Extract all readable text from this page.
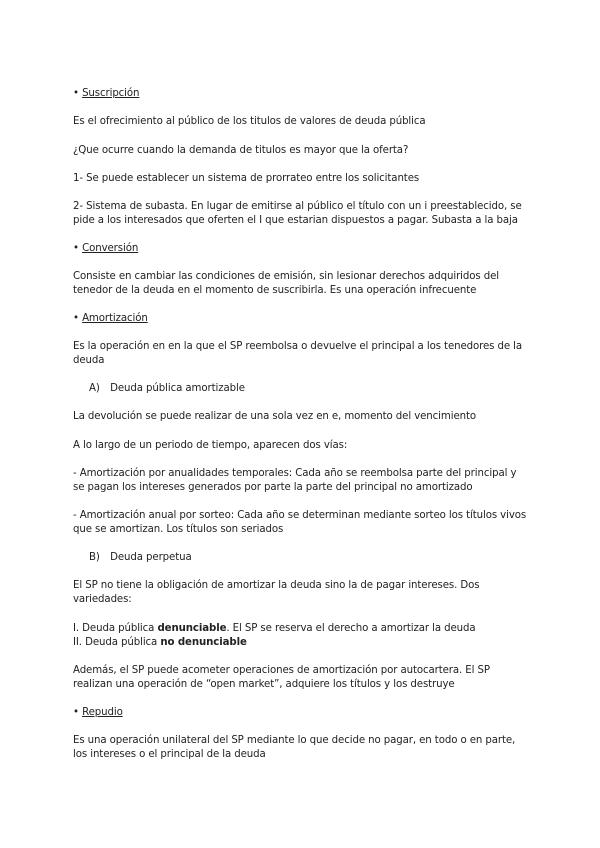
• Suscripción
Es el ofrecimiento al público de los titulos de valores de deuda pública
¿Que ocurre cuando la demanda de titulos es mayor que la oferta?
1- Se puede establecer un sistema de prorrateo entre los solicitantes
2- Sistema de subasta. En lugar de emitirse al público el título con un i preestablecido, se
pide a los interesados que oferten el I que estarian dispuestos a pagar. Subasta a la baja
• Conversión
Consiste en cambiar las condiciones de emisión, sin lesionar derechos adquiridos del
tenedor de la deuda en el momento de suscribirla. Es una operación infrecuente
• Amortización
Es la operación en en la que el SP reembolsa o devuelve el principal a los tenedores de la
deuda
A) Deuda pública amortizable
La devolución se puede realizar de una sola vez en e, momento del vencimiento
A lo largo de un periodo de tiempo, aparecen dos vías:
- Amortización por anualidades temporales: Cada año se reembolsa parte del principal y
se pagan los intereses generados por parte la parte del principal no amortizado
- Amortización anual por sorteo: Cada año se determinan mediante sorteo los títulos vivos
que se amortizan. Los títulos son seriados
B) Deuda perpetua
El SP no tiene la obligación de amortizar la deuda sino la de pagar intereses. Dos
variedades:
I. Deuda pública denunciable. El SP se reserva el derecho a amortizar la deuda
II. Deuda pública no denunciable
Además, el SP puede acometer operaciones de amortización por autocartera. El SP
realizan una operación de “open market”, adquiere los títulos y los destruye
• Repudio
Es una operación unilateral del SP mediante lo que decide no pagar, en todo o en parte,
los intereses o el principal de la deuda
